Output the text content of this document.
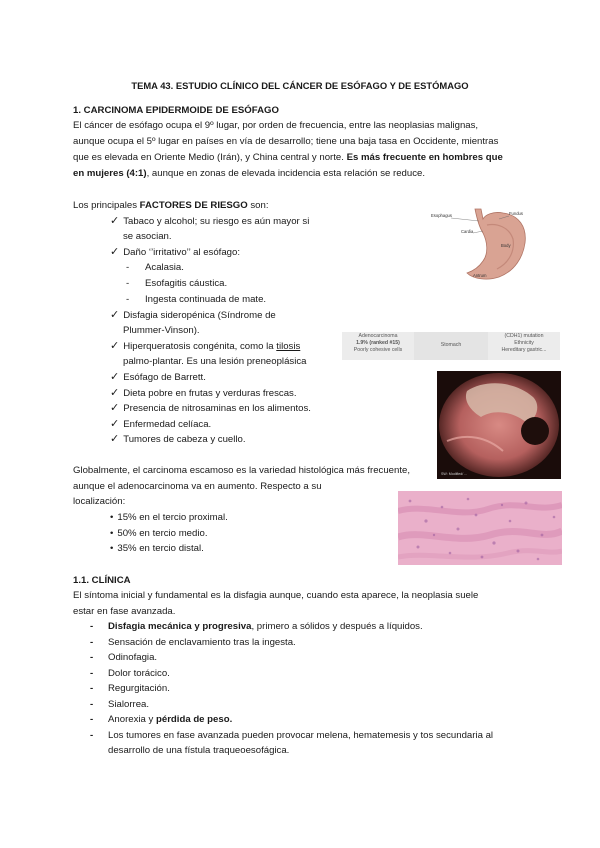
TEMA 43. ESTUDIO CLÍNICO DEL CÁNCER DE ESÓFAGO Y DE ESTÓMAGO
1. CARCINOMA EPIDERMOIDE DE ESÓFAGO
El cáncer de esófago ocupa el 9º lugar, por orden de frecuencia, entre las neoplasias malignas,
aunque ocupa el 5º lugar en países en vía de desarrollo; tiene una baja tasa en Occidente, mientras
que es elevada en Oriente Medio (Irán), y China central y norte. Es más frecuente en hombres que
en mujeres (4:1), aunque en zonas de elevada incidencia esta relación se reduce.
Los principales FACTORES DE RIESGO son:
✓ Tabaco y alcohol; su riesgo es aún mayor si
se asocian.
✓ Daño ‘’irritativo’’ al esófago:
- Acalasia.
- Esofagitis cáustica.
- Ingesta continuada de mate.
✓ Disfagia sideropénica (Síndrome de
Plummer-Vinson).
✓ Hiperqueratosis congénita, como la tilosis
palmo-plantar. Es una lesión preneoplásica
✓ Esófago de Barrett.
✓ Dieta pobre en frutas y verduras frescas.
✓ Presencia de nitrosaminas en los alimentos.
✓ Enfermedad celíaca.
✓ Tumores de cabeza y cuello.
Globalmente, el carcinoma escamoso es la variedad histológica más frecuente,
aunque el adenocarcinoma va en aumento. Respecto a su
localización:
• 15% en el tercio proximal.
• 50% en tercio medio.
• 35% en tercio distal.
1.1. CLÍNICA
El síntoma inicial y fundamental es la disfagia aunque, cuando esta aparece, la neoplasia suele
estar en fase avanzada.
- Disfagia mecánica y progresiva, primero a sólidos y después a líquidos.
- Sensación de enclavamiento tras la ingesta.
- Odinofagia.
- Dolor torácico.
- Regurgitación.
- Sialorrea.
- Anorexia y pérdida de peso.
- Los tumores en fase avanzada pueden provocar melena, hematemesis y tos secundaria al
desarrollo de una fístula traqueoesofágica.
Esophagus	Fundus
Cardia
Body
Antrum
Adenocarcinoma
1.9% (ranked #15)
Poorly cohesive cells
Stomach
(CDH1) mutation
Ethnicity
Hereditary gastric...
SW: Modified/ ...
